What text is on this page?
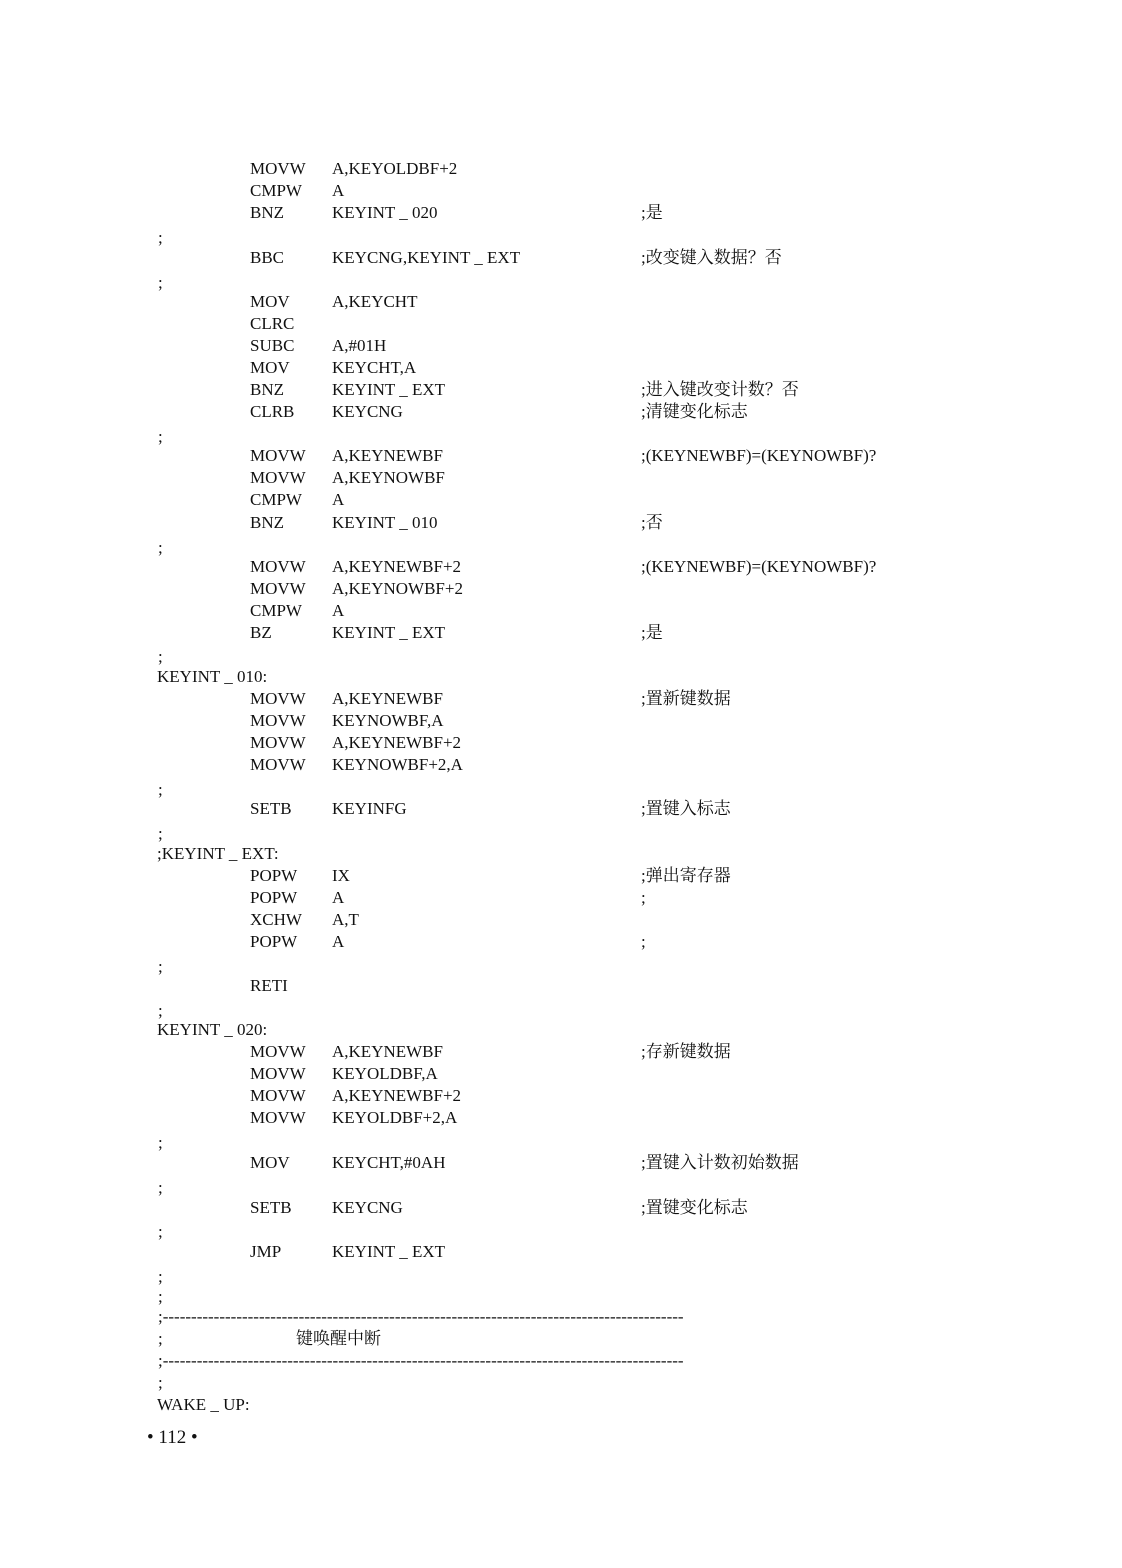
MOVW A,KEYOLDBF+2
CMPW A
BNZ	KEYINT _ 020	;是
;
BBC	KEYCNG,KEYINT _ EXT	;改变键入数据？否
;
MOV A,KEYCHT
CLRC
SUBC A,#01H
MOV KEYCHT,A
BNZ	KEYINT _ EXT	;进入键改变计数？否
CLRB KEYCNG	;清键变化标志
;
MOVW A,KEYNEWBF	;(KEYNEWBF)=(KEYNOWBF)?
MOVW A,KEYNOWBF
CMPW A
BNZ	KEYINT _ 010	;否
;
MOVW A,KEYNEWBF+2	;(KEYNEWBF)=(KEYNOWBF)?
MOVW A,KEYNOWBF+2
CMPW A
BZ	KEYINT _ EXT	;是
;
KEYINT _ 010:
MOVW A,KEYNEWBF	;置新键数据
MOVW KEYNOWBF,A
MOVW A,KEYNEWBF+2
MOVW KEYNOWBF+2,A
;
SETB KEYINFG	;置键入标志
;
;KEYINT _ EXT:
POPW IX	;弹出寄存器
POPW A	;
XCHW A,T
POPW A	;
;
RETI
;
KEYINT _ 020:
MOVW A,KEYNEWBF	;存新键数据
MOVW KEYOLDBF,A
MOVW A,KEYNEWBF+2
MOVW KEYOLDBF+2,A
;
MOV KEYCHT,#0AH	;置键入计数初始数据
;
SETB KEYCNG	;置键变化标志
;
JMP	KEYINT _ EXT
;
;
;--------------------------------------------------------------------------------------------
;	键唤醒中断
;--------------------------------------------------------------------------------------------
;
WAKE _ UP:
• 112 •
